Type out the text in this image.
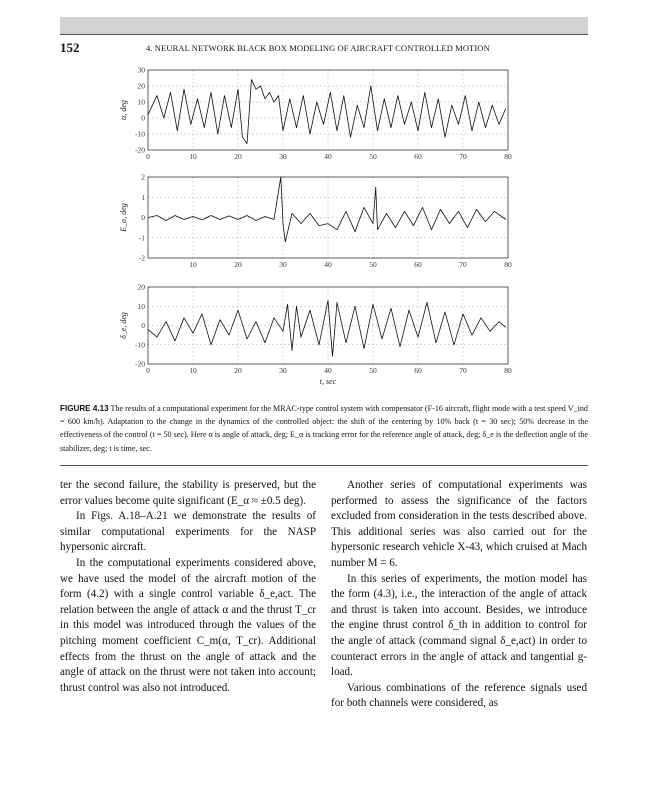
152	4. NEURAL NETWORK BLACK BOX MODELING OF AIRCRAFT CONTROLLED MOTION
0	10	20	30	40	50	60	70	80
30
20
10
0
-10
-20
α, deg
10	20	30	40	50	60	70	80
2
1
0
-1
-2
E_α, deg
0	10	20	30	40	50	60	70	80
20
10
0
-10
-20
δ_e, deg
t, sec
FIGURE 4.13 The results of a computational experiment for the MRAC-type control system with compensator (F-16 aircraft, flight mode with a test speed V_ind = 600 km/h). Adaptation to the change in the dynamics of the controlled object: the shift of the centering by 10% back (t = 30 sec); 50% decrease in the effectiveness of the control (t = 50 sec). Here α is angle of attack, deg; E_α is tracking error for the reference angle of attack, deg; δ_e is the deflection angle of the stabilizer, deg; t is time, sec.

ter the second failure, the stability is preserved, but the error values become quite significant (E_α ≈ ±0.5 deg).

In Figs. A.18–A.21 we demonstrate the results of similar computational experiments for the NASP hypersonic aircraft.

In the computational experiments considered above, we have used the model of the aircraft motion of the form (4.2) with a single control variable δ_e,act. The relation between the angle of attack α and the thrust T_cr in this model was introduced through the values of the pitching moment coefficient C_m(α, T_cr). Additional effects from the thrust on the angle of attack and the angle of attack on the thrust were not taken into account; thrust control was also not introduced.

Another series of computational experiments was performed to assess the significance of the factors excluded from consideration in the tests described above. This additional series was also carried out for the hypersonic research vehicle X-43, which cruised at Mach number M = 6.

In this series of experiments, the motion model has the form (4.3), i.e., the interaction of the angle of attack and thrust is taken into account. Besides, we introduce the engine thrust control δ_th in addition to control for the angle of attack (command signal δ_e,act) in order to counteract errors in the angle of attack and tangential g-load.

Various combinations of the reference signals used for both channels were considered, as
